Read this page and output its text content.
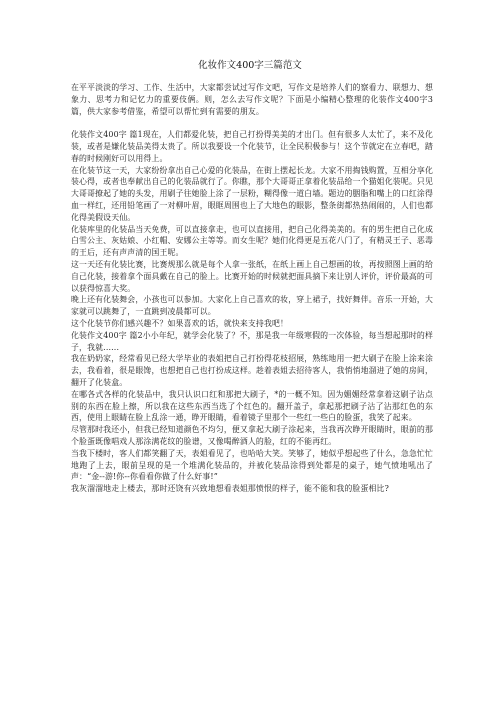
化妆作文400字三篇范文

在平平淡淡的学习、工作、生活中，大家都尝试过写作文吧，写作文是培养人们的察看力、联想力、想象力、思考力和记忆力的重要伎俩。则，怎么去写作文呢？下面是小编精心整理的化装作文400字3篇，供大家参考借鉴，希望可以帮忙到有需要的朋友。

化装作文400字 篇1现在，人们都爱化装，把自己打扮得美美的才出门。但有很多人太忙了，来不及化装，或者是嫌化装品美得太贵了。所以我要设一个化装节，让全民积极参与！这个节就定在立春吧，踏春的时候刚好可以用得上。

在化装节这一天，大家纷纷拿出自己心爱的化装品，在街上摆起长龙。大家不用掏钱购置，互相分享化装心得，或者也奉献出自己的化装品就行了。你瞧，那个大哥哥正拿着化装品给一个猫姐化装呢。只见大哥哥撩起了她的头发，用刷子往她脸上涂了一层粉，糊得像一道白墙。题边的胭脂和嘴上的口红涂得血一样红，还用铅笔画了一对柳叶眉，眼眶周围也上了大地色的眼影，整条街都热热闹闹的，人们也都化得美假设天仙。

化装库里的化装品当天免费，可以直接拿走，也可以直接用，把自己化得美美的。有的男生把自己化成白雪公主、灰姑娘、小红帽、安娜公主等等。而女生呢？她们化得更是五花八门了，有精灵王子、恶毒的王后，还有声声清的国王呢。

这一天还有化装比赛，比赛规那么就是每个人拿一张纸，在纸上画上自己想画的妆，再按照图上画的给自己化装，接着拿个面具戴在自己的脸上。比赛开始的时候就把面具摘下来让别人评价，评价最高的可以获得惊喜大奖。

晚上还有化装舞会，小孩也可以参加。大家化上自己喜欢的妆，穿上裙子，找好舞伴。音乐一开始，大家就可以跳舞了，一直跳到凌晨都可以。

这个化装节你们感兴趣不？如果喜欢的话，就快来支持我吧！

化装作文400字 篇2小小年纪，就学会化装了？不，那是我一年级寒假的一次体验，每当想起那时的样子，我就......

我在奶奶家，经常看见已经大学毕业的表姐把自己打扮得花枝招展，熟练地用一把大刷子在脸上涂来涂去，我看着，很是眼馋，也想把自己也打扮成这样。趁着表姐去招待客人，我悄悄地溜进了她的房间，翻开了化装盒。

在哪各式各样的化装品中，我只认识口红和那把大刷子，*的一概不知。因为媚媚经常拿着这刷子沾点别的东西在脸上擦，所以我在这些东西当选了个红色的。翻开盖子，拿起那把刷子沾了沾那红色的东西，使用上眼睛在脸上乱涂一通，睁开眼睛，看着镜子里那个一些红一些白的脸蛋，我笑了起来。

尽管那时我还小，但我已经知道颜色不均匀，便又拿起大刷子涂起来，当我再次睁开眼睛时，眼前的那个脸蛋既像唱戏人那涂满花纹的脸谱，又像喝醉酒人的脸，红的不能再红。

当我下楼时，客人们都笑翻了天，表姐看见了，也哈哈大笑。笑够了，她似乎想起些了什么，急急忙忙地跑了上去，眼前呈现的是一个堆满化装品的，并被化装品涂得到处都是的桌子，她气愤地吼出了声：“金--游!你--你看看你做了什么好事!”

我灰溜溜地走上楼去，那时还饶有兴致地想看表姐那愤恨的样子，能不能和我的脸蛋相比?
